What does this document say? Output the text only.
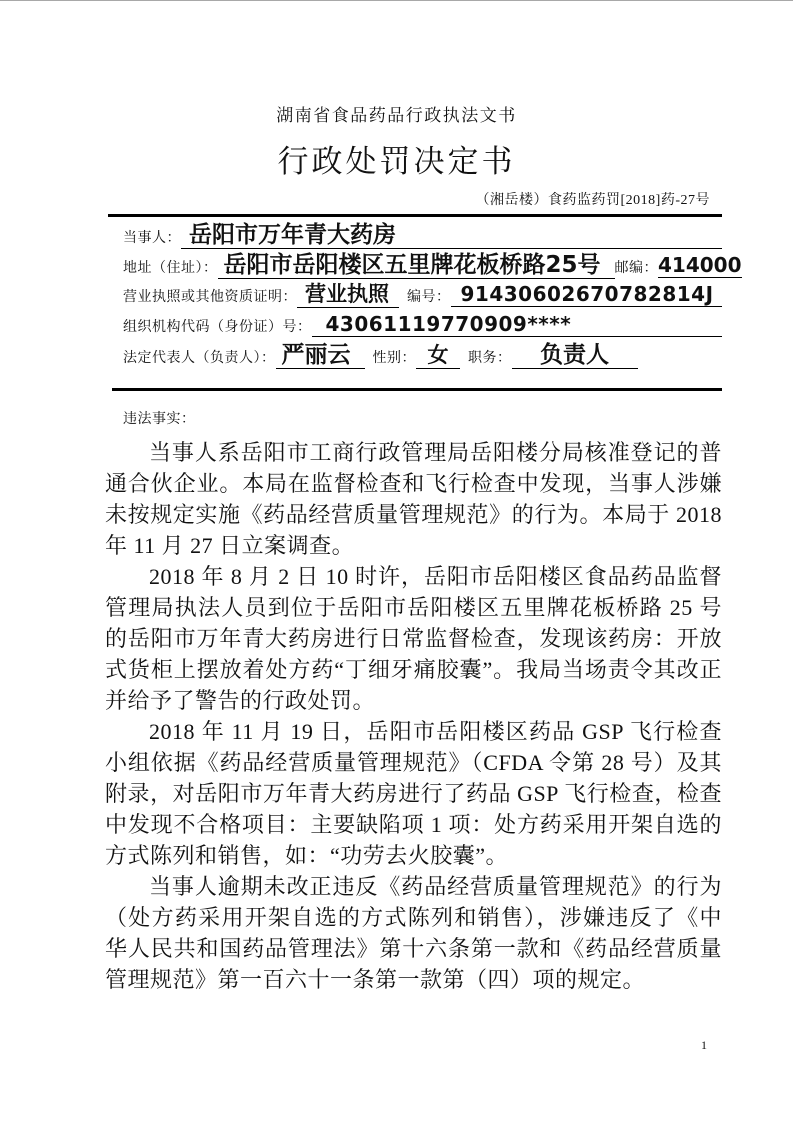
湖南省食品药品行政执法文书
行政处罚决定书
（湘岳楼）食药监药罚[2018]药-27号
当事人： 岳阳市万年青大药房
地址（住址）： 岳阳市岳阳楼区五里牌花板桥路25号	邮编： 414000
营业执照或其他资质证明： 营业执照	编号： 91430602670782814J
组织机构代码（身份证）号： 43061119770909****
法定代表人（负责人）： 严丽云	性别： 女	职务：	负责人
违法事实：

当事人系岳阳市工商行政管理局岳阳楼分局核准登记的普通合伙企业。本局在监督检查和飞行检查中发现，当事人涉嫌未按规定实施《药品经营质量管理规范》的行为。本局于 2018 年 11 月 27 日立案调查。

2018 年 8 月 2 日 10 时许，岳阳市岳阳楼区食品药品监督管理局执法人员到位于岳阳市岳阳楼区五里牌花板桥路 25 号的岳阳市万年青大药房进行日常监督检查，发现该药房：开放式货柜上摆放着处方药“丁细牙痛胶囊”。我局当场责令其改正并给予了警告的行政处罚。

2018 年 11 月 19 日，岳阳市岳阳楼区药品 GSP 飞行检查小组依据《药品经营质量管理规范》（CFDA 令第 28 号）及其附录，对岳阳市万年青大药房进行了药品 GSP 飞行检查，检查中发现不合格项目：主要缺陷项 1 项：处方药采用开架自选的方式陈列和销售，如：“功劳去火胶囊”。

当事人逾期未改正违反《药品经营质量管理规范》的行为（处方药采用开架自选的方式陈列和销售），涉嫌违反了《中华人民共和国药品管理法》第十六条第一款和《药品经营质量管理规范》第一百六十一条第一款第（四）项的规定。

1
